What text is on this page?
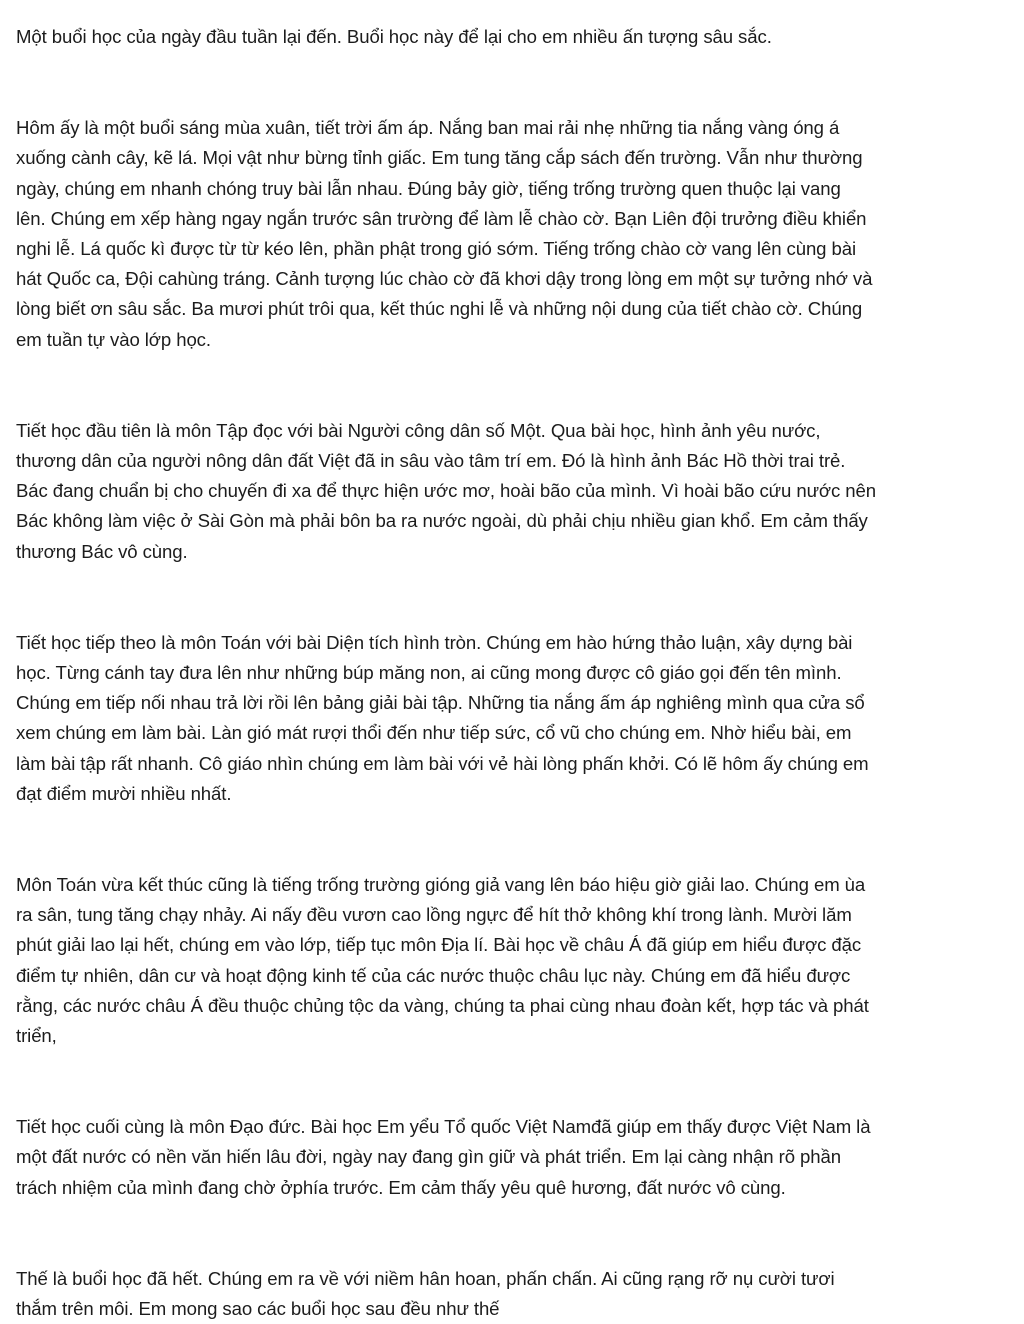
Một buổi học của ngày đầu tuần lại đến. Buổi học này để lại cho em nhiều ấn tượng sâu sắc.

Hôm ấy là một buổi sáng mùa xuân, tiết trời ấm áp. Nắng ban mai rải nhẹ những tia nắng vàng óng á
xuống cành cây, kẽ lá. Mọi vật như bừng tỉnh giấc. Em tung tăng cắp sách đến trường. Vẫn như thường
ngày, chúng em nhanh chóng truy bài lẫn nhau. Đúng bảy giờ, tiếng trống trường quen thuộc lại vang
lên. Chúng em xếp hàng ngay ngắn trước sân trường để làm lễ chào cờ. Bạn Liên đội trưởng điều khiển
nghi lễ. Lá quốc kì được từ từ kéo lên, phần phật trong gió sớm. Tiếng trống chào cờ vang lên cùng bài
hát Quốc ca, Đội cahùng tráng. Cảnh tượng lúc chào cờ đã khơi dậy trong lòng em một sự tưởng nhớ và
lòng biết ơn sâu sắc. Ba mươi phút trôi qua, kết thúc nghi lễ và những nội dung của tiết chào cờ. Chúng
em tuần tự vào lớp học.

Tiết học đầu tiên là môn Tập đọc với bài Người công dân số Một. Qua bài học, hình ảnh yêu nước,
thương dân của người nông dân đất Việt đã in sâu vào tâm trí em. Đó là hình ảnh Bác Hồ thời trai trẻ.
Bác đang chuẩn bị cho chuyến đi xa để thực hiện ước mơ, hoài bão của mình. Vì hoài bão cứu nước nên
Bác không làm việc ở Sài Gòn mà phải bôn ba ra nước ngoài, dù phải chịu nhiều gian khổ. Em cảm thấy
thương Bác vô cùng.

Tiết học tiếp theo là môn Toán với bài Diện tích hình tròn. Chúng em hào hứng thảo luận, xây dựng bài
học. Từng cánh tay đưa lên như những búp măng non, ai cũng mong được cô giáo gọi đến tên mình.
Chúng em tiếp nối nhau trả lời rồi lên bảng giải bài tập. Những tia nắng ấm áp nghiêng mình qua cửa sổ
xem chúng em làm bài. Làn gió mát rượi thổi đến như tiếp sức, cổ vũ cho chúng em. Nhờ hiểu bài, em
làm bài tập rất nhanh. Cô giáo nhìn chúng em làm bài với vẻ hài lòng phấn khởi. Có lẽ hôm ấy chúng em
đạt điểm mười nhiều nhất.

Môn Toán vừa kết thúc cũng là tiếng trống trường gióng giả vang lên báo hiệu giờ giải lao. Chúng em ùa
ra sân, tung tăng chạy nhảy. Ai nấy đều vươn cao lồng ngực để hít thở không khí trong lành. Mười lăm
phút giải lao lại hết, chúng em vào lớp, tiếp tục môn Địa lí. Bài học về châu Á đã giúp em hiểu được đặc
điểm tự nhiên, dân cư và hoạt động kinh tế của các nước thuộc châu lục này. Chúng em đã hiểu được
rằng, các nước châu Á đều thuộc chủng tộc da vàng, chúng ta phai cùng nhau đoàn kết, hợp tác và phát
triển,

Tiết học cuối cùng là môn Đạo đức. Bài học Em yểu Tổ quốc Việt Namđã giúp em thấy được Việt Nam là
một đất nước có nền văn hiến lâu đời, ngày nay đang gìn giữ và phát triển. Em lại càng nhận rõ phần
trách nhiệm của mình đang chờ ởphía trước. Em cảm thấy yêu quê hương, đất nước vô cùng.

Thế là buổi học đã hết. Chúng em ra về với niềm hân hoan, phấn chấn. Ai cũng rạng rỡ nụ cười tươi
thắm trên môi. Em mong sao các buổi học sau đều như thế
